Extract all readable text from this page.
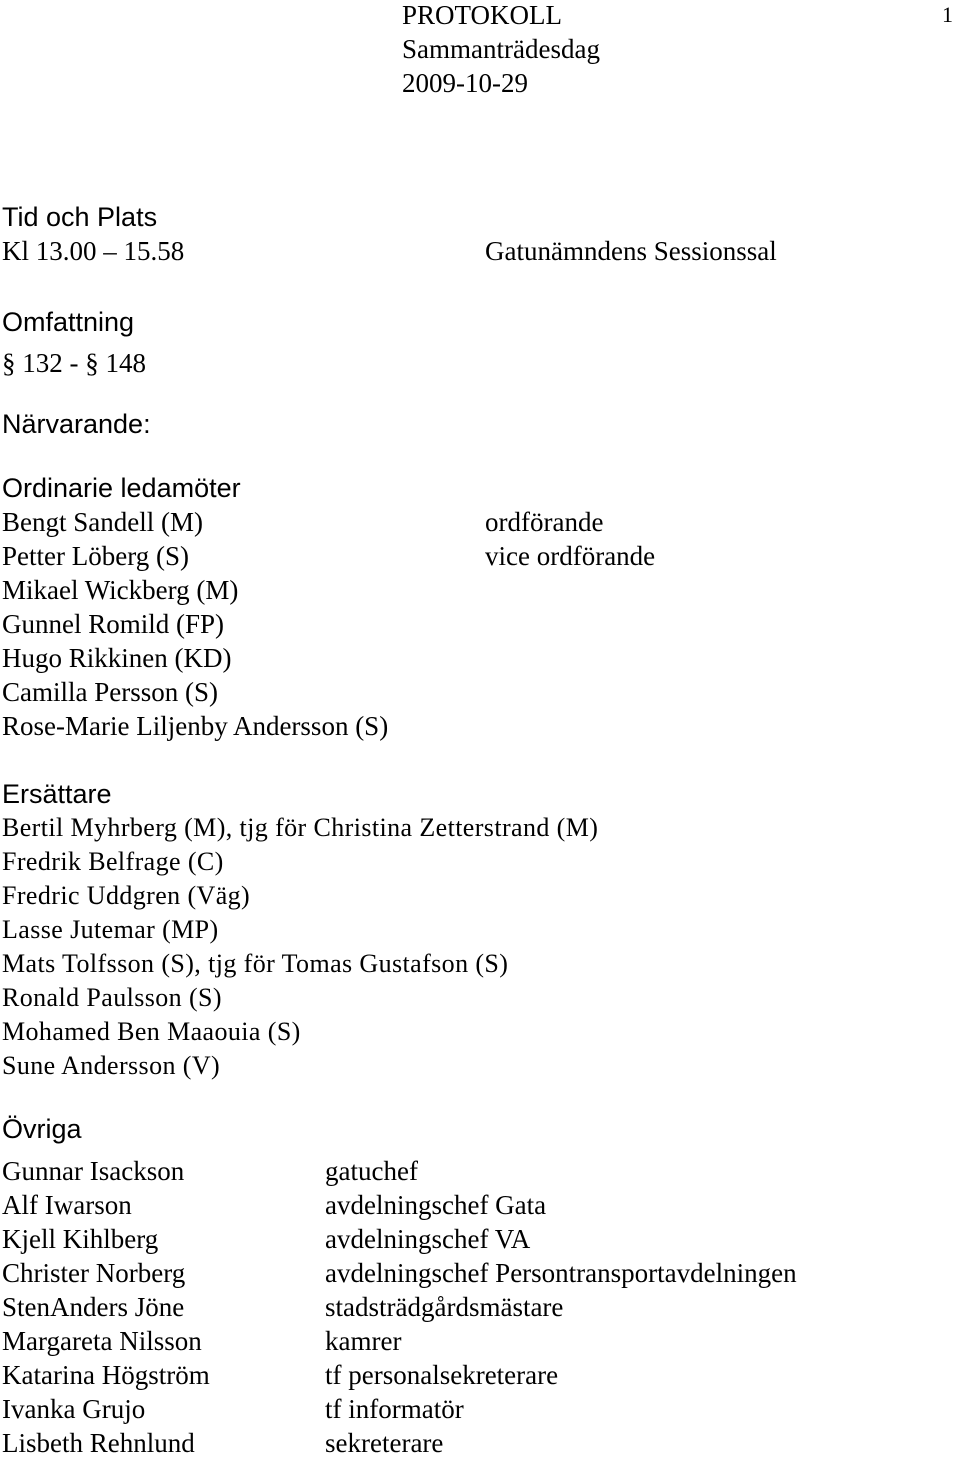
PROTOKOLL
Sammanträdesdag
2009-10-29
1
Tid och Plats
Kl 13.00 – 15.58	Gatunämndens Sessionssal
Omfattning
§ 132 - § 148
Närvarande:
Ordinarie ledamöter
Bengt Sandell (M)
Petter Löberg (S)
Mikael Wickberg (M)
Gunnel Romild (FP)
Hugo Rikkinen (KD)
Camilla Persson (S)
Rose-Marie Liljenby Andersson (S)
ordförande
vice ordförande
Ersättare
Bertil Myhrberg (M), tjg för Christina Zetterstrand (M)
Fredrik Belfrage (C)
Fredric Uddgren (Väg)
Lasse Jutemar (MP)
Mats Tolfsson (S), tjg för Tomas Gustafson (S)
Ronald Paulsson (S)
Mohamed Ben Maaouia (S)
Sune Andersson (V)
Övriga
Gunnar Isackson
Alf Iwarson
Kjell Kihlberg
Christer Norberg
StenAnders Jöne
Margareta Nilsson
Katarina Högström
Ivanka Grujo
Lisbeth Rehnlund
gatuchef
avdelningschef Gata
avdelningschef VA
avdelningschef Persontransportavdelningen
stadsträdgårdsmästare
kamrer
tf personalsekreterare
tf informatör
sekreterare
